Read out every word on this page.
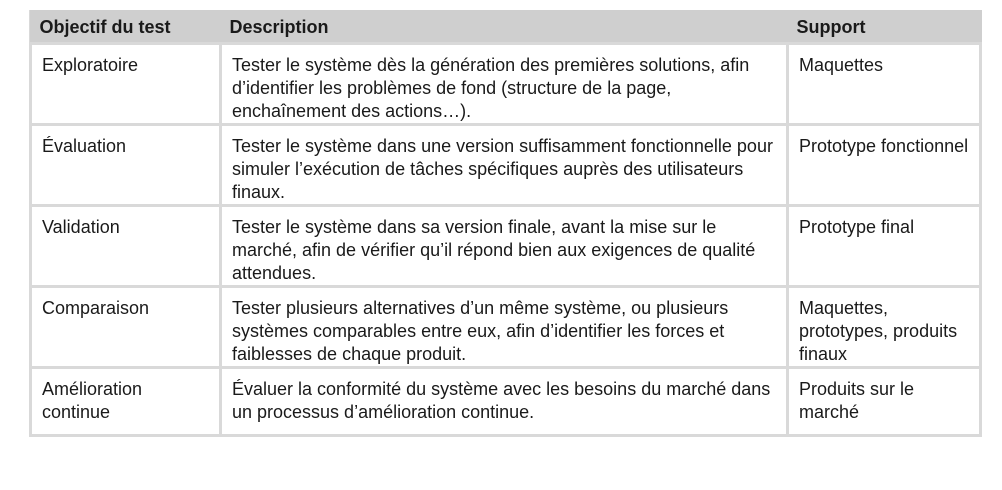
Objectif du test	Description	Support
Exploratoire	Tester le système dès la génération des premières solutions, afin d’identifier les problèmes de fond (structure de la page, enchaînement des actions…).	Maquettes
Évaluation	Tester le système dans une version suffisamment fonctionnelle pour simuler l’exécution de tâches spécifiques auprès des utilisateurs finaux.	Prototype fonctionnel
Validation	Tester le système dans sa version finale, avant la mise sur le marché, afin de vérifier qu’il répond bien aux exigences de qualité attendues.	Prototype final
Comparaison	Tester plusieurs alternatives d’un même système, ou plusieurs systèmes comparables entre eux, afin d’identifier les forces et faiblesses de chaque produit.	Maquettes, prototypes, produits finaux
Amélioration continue	Évaluer la conformité du système avec les besoins du marché dans un processus d’amélioration continue.	Produits sur le marché
